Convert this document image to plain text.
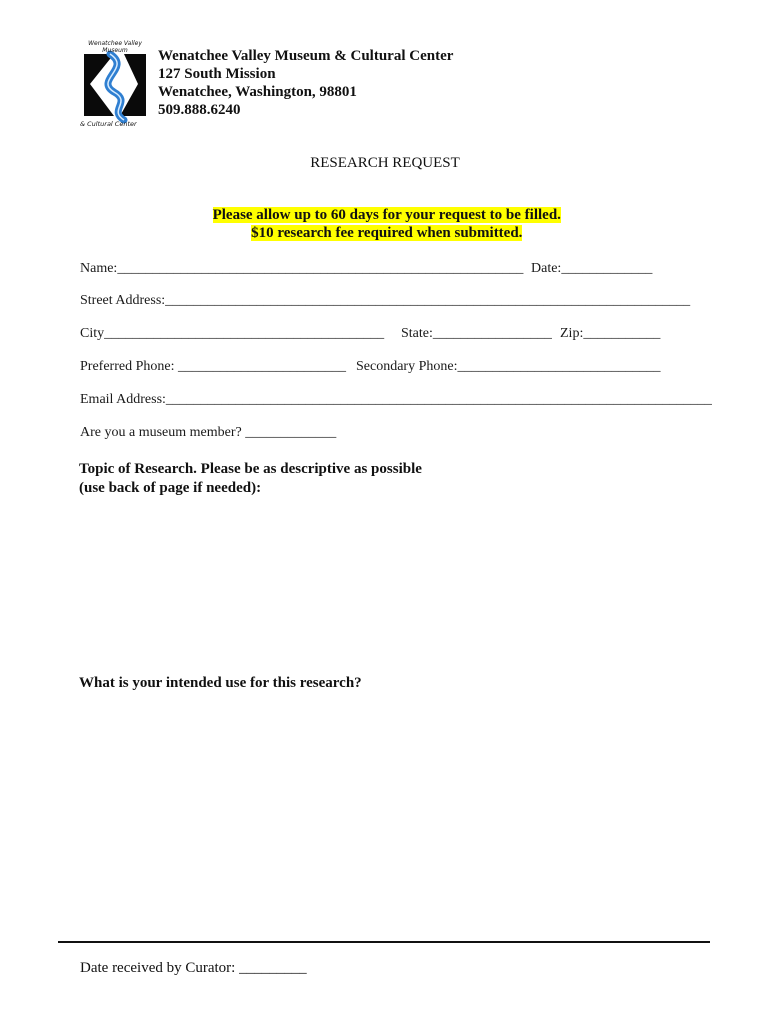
Wenatchee Valley Museum
& Cultural Center
Wenatchee Valley Museum & Cultural Center
127 South Mission
Wenatchee, Washington, 98801
509.888.6240
RESEARCH REQUEST

Please allow up to 60 days for your request to be filled.

$10 research fee required when submitted.

Name:__________________________________________________________ Date:_____________
Street Address:___________________________________________________________________________
City________________________________________ State:_________________ Zip:___________
Preferred Phone: ________________________ Secondary Phone:_____________________________
Email Address:______________________________________________________________________________
Are you a museum member? _____________
Topic of Research. Please be as descriptive as possible
(use back of page if needed):
What is your intended use for this research?
Date received by Curator: _________
